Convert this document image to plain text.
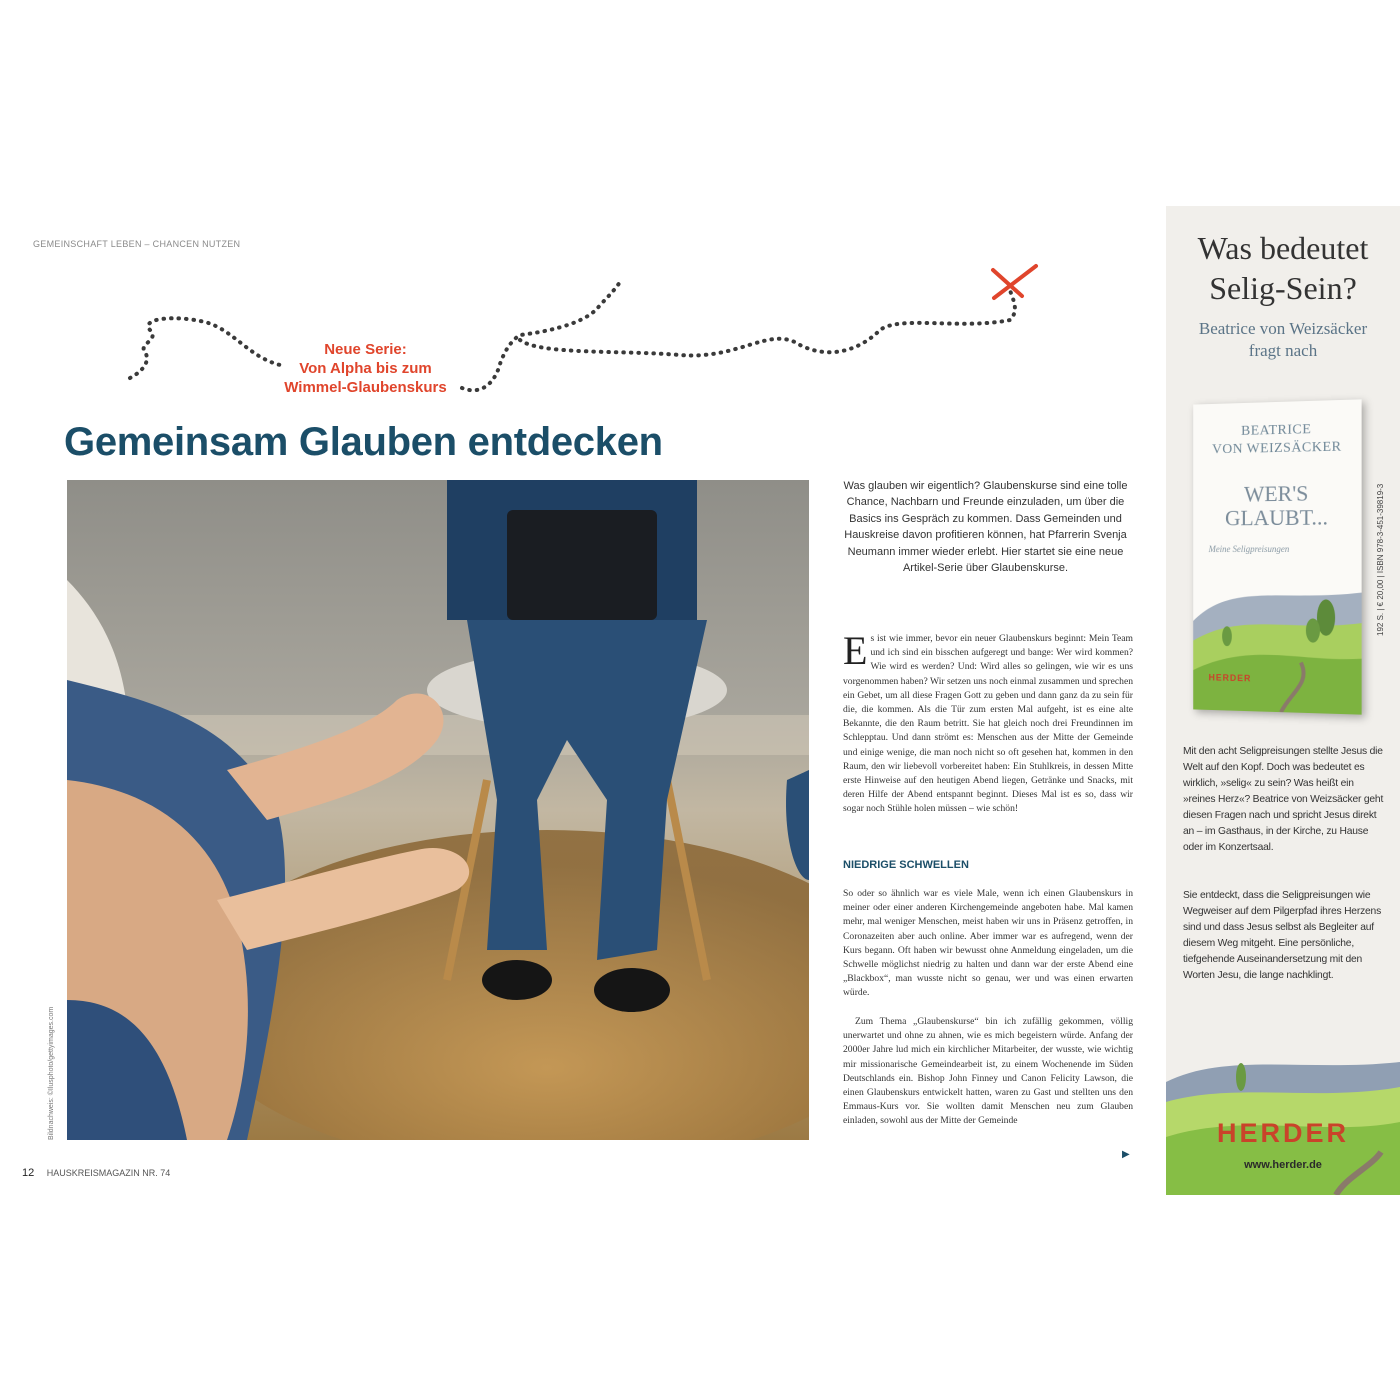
GEMEINSCHAFT LEBEN – CHANCEN NUTZEN
Neue Serie:
Von Alpha bis zum
Wimmel-Glaubenskurs
Gemeinsam Glauben entdecken
Bildnachweis: ©Ilusphoto/gettyimages.com
Was glauben wir eigentlich? Glaubenskurse sind eine tolle Chance, Nachbarn und Freunde einzuladen, um über die Basics ins Gespräch zu kommen. Dass Gemeinden und Hauskreise davon profitieren können, hat Pfarrerin Svenja Neumann immer wieder erlebt. Hier startet sie eine neue Artikel-Serie über Glaubenskurse.

Es ist wie immer, bevor ein neuer Glaubenskurs beginnt: Mein Team und ich sind ein bisschen aufgeregt und bange: Wer wird kommen? Wie wird es werden? Und: Wird alles so gelingen, wie wir es uns vorgenommen haben? Wir setzen uns noch einmal zusammen und sprechen ein Gebet, um all diese Fragen Gott zu geben und dann ganz da zu sein für die, die kommen. Als die Tür zum ersten Mal aufgeht, ist es eine alte Bekannte, die den Raum betritt. Sie hat gleich noch drei Freundinnen im Schlepptau. Und dann strömt es: Menschen aus der Mitte der Gemeinde und einige wenige, die man noch nicht so oft gesehen hat, kommen in den Raum, den wir liebevoll vorbereitet haben: Ein Stuhlkreis, in dessen Mitte erste Hinweise auf den heutigen Abend liegen, Getränke und Snacks, mit deren Hilfe der Abend entspannt beginnt. Dieses Mal ist es so, dass wir sogar noch Stühle holen müssen – wie schön!

NIEDRIGE SCHWELLEN

So oder so ähnlich war es viele Male, wenn ich einen Glaubenskurs in meiner oder einer anderen Kirchengemeinde angeboten habe. Mal kamen mehr, mal weniger Menschen, meist haben wir uns in Präsenz getroffen, in Coronazeiten aber auch online. Aber immer war es aufregend, wenn der Kurs begann. Oft haben wir bewusst ohne Anmeldung eingeladen, um die Schwelle möglichst niedrig zu halten und dann war der erste Abend eine „Blackbox“, man wusste nicht so genau, wer und was einen erwarten würde.

Zum Thema „Glaubenskurse“ bin ich zufällig gekommen, völlig unerwartet und ohne zu ahnen, wie es mich begeistern würde. Anfang der 2000er Jahre lud mich ein kirchlicher Mitarbeiter, der wusste, wie wichtig mir missionarische Gemeindearbeit ist, zu einem Wochenende im Süden Deutschlands ein. Bishop John Finney und Canon Felicity Lawson, die einen Glaubenskurs entwickelt hatten, waren zu Gast und stellten uns den Emmaus-Kurs vor. Sie wollten damit Menschen neu zum Glauben einladen, sowohl aus der Mitte der Gemeinde

▶
12 HAUSKREISMAGAZIN NR. 74
Was bedeutet
Selig-Sein?
Beatrice von Weizsäcker
fragt nach
BEATRICE
VON WEIZSÄCKER
WER'S
GLAUBT...
Meine Seligpreisungen
HERDER
192 S. | € 20,00 | ISBN 978-3-451-39819-3

Mit den acht Seligpreisungen stellte Jesus die Welt auf den Kopf. Doch was bedeutet es wirklich, »selig« zu sein? Was heißt ein »reines Herz«? Beatrice von Weizsäcker geht diesen Fragen nach und spricht Jesus direkt an – im Gasthaus, in der Kirche, zu Hause oder im Konzertsaal.

Sie entdeckt, dass die Seligpreisungen wie Wegweiser auf dem Pilgerpfad ihres Herzens sind und dass Jesus selbst als Begleiter auf diesem Weg mitgeht. Eine persönliche, tiefgehende Auseinandersetzung mit den Worten Jesu, die lange nachklingt.

HERDER
www.herder.de
